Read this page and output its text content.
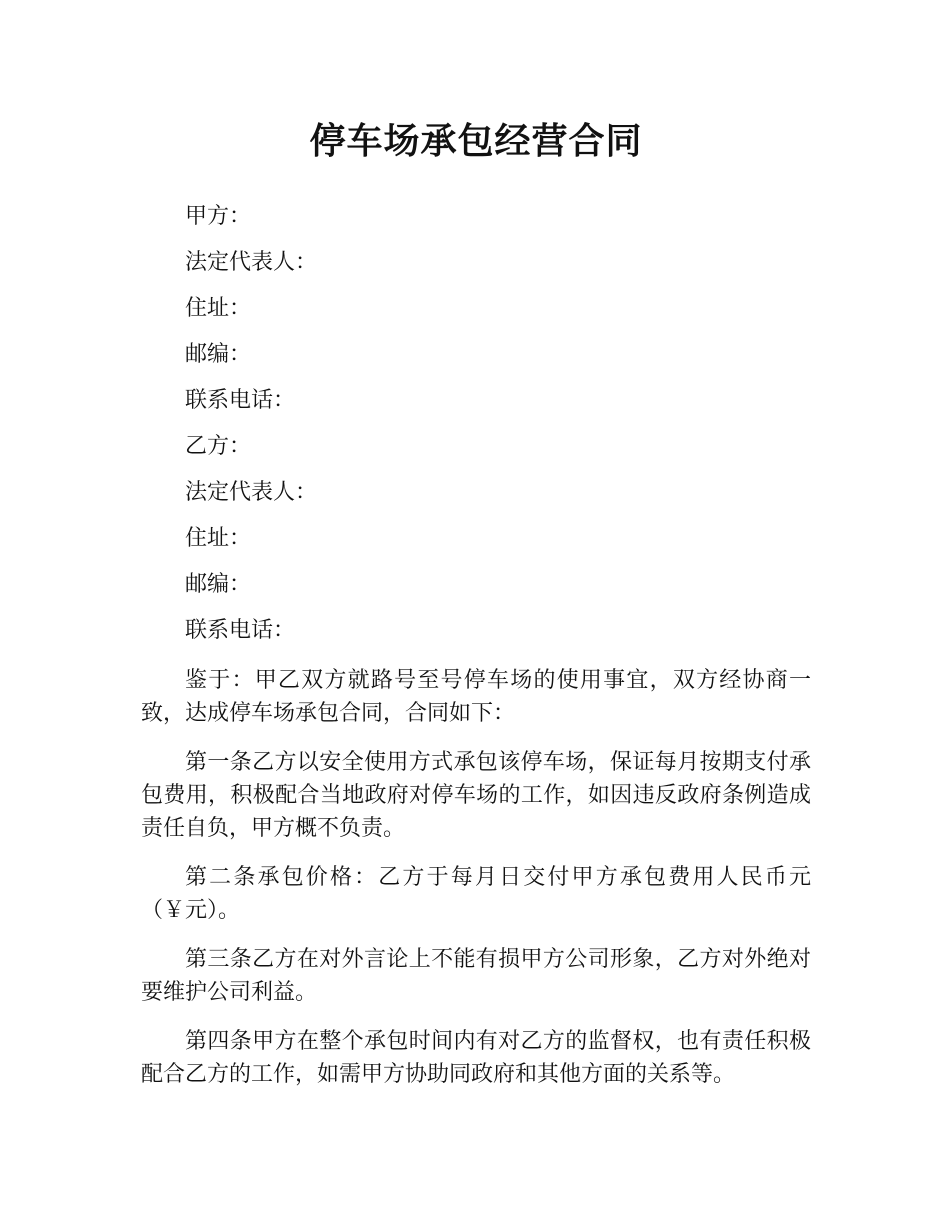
停车场承包经营合同

甲方：

法定代表人：

住址：

邮编：

联系电话：

乙方：

法定代表人：

住址：

邮编：

联系电话：

鉴于：甲乙双方就路号至号停车场的使用事宜，双方经协商一致，达成停车场承包合同，合同如下：

第一条乙方以安全使用方式承包该停车场，保证每月按期支付承包费用，积极配合当地政府对停车场的工作，如因违反政府条例造成责任自负，甲方概不负责。

第二条承包价格：乙方于每月日交付甲方承包费用人民币元（￥元）。

第三条乙方在对外言论上不能有损甲方公司形象，乙方对外绝对要维护公司利益。

第四条甲方在整个承包时间内有对乙方的监督权，也有责任积极配合乙方的工作，如需甲方协助同政府和其他方面的关系等。
